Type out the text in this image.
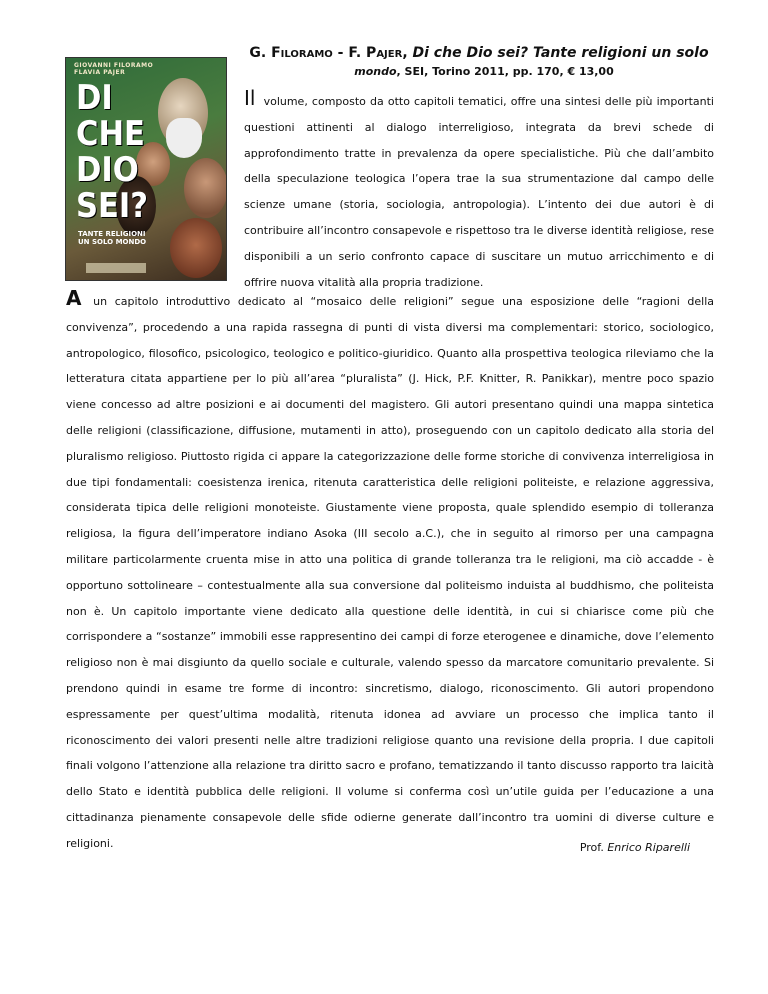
GIOVANNI FILORAMO
FLAVIA PAJER
DI CHE
DIO
SEI?
TANTE RELIGIONI
UN SOLO MONDO
G. Filoramo - F. Pajer, Di che Dio sei? Tante religioni un solo
mondo, SEI, Torino 2011, pp. 170, € 13,00
Il volume, composto da otto capitoli tematici, offre una sintesi delle più importanti questioni attinenti al dialogo interreligioso, integrata da brevi schede di approfondimento tratte in prevalenza da opere specialistiche. Più che dall’ambito della speculazione teologica l’opera trae la sua strumentazione dal campo delle scienze umane (storia, sociologia, antropologia). L’intento dei due autori è di contribuire all’incontro consapevole e rispettoso tra le diverse identità religiose, rese disponibili a un serio confronto capace di suscitare un mutuo arricchimento e di offrire nuova vitalità alla propria tradizione.
A un capitolo introduttivo dedicato al “mosaico delle religioni” segue una esposizione delle “ragioni della convivenza”, procedendo a una rapida rassegna di punti di vista diversi ma complementari: storico, sociologico, antropologico, filosofico, psicologico, teologico e politico-giuridico. Quanto alla prospettiva teologica rileviamo che la letteratura citata appartiene per lo più all’area “pluralista” (J. Hick, P.F. Knitter, R. Panikkar), mentre poco spazio viene concesso ad altre posizioni e ai documenti del magistero. Gli autori presentano quindi una mappa sintetica delle religioni (classificazione, diffusione, mutamenti in atto), proseguendo con un capitolo dedicato alla storia del pluralismo religioso. Piuttosto rigida ci appare la categorizzazione delle forme storiche di convivenza interreligiosa in due tipi fondamentali: coesistenza irenica, ritenuta caratteristica delle religioni politeiste, e relazione aggressiva, considerata tipica delle religioni monoteiste. Giustamente viene proposta, quale splendido esempio di tolleranza religiosa, la figura dell’imperatore indiano Asoka (III secolo a.C.), che in seguito al rimorso per una campagna militare particolarmente cruenta mise in atto una politica di grande tolleranza tra le religioni, ma ciò accadde - è opportuno sottolineare – contestualmente alla sua conversione dal politeismo induista al buddhismo, che politeista non è. Un capitolo importante viene dedicato alla questione delle identità, in cui si chiarisce come più che corrispondere a “sostanze” immobili esse rappresentino dei campi di forze eterogenee e dinamiche, dove l’elemento religioso non è mai disgiunto da quello sociale e culturale, valendo spesso da marcatore comunitario prevalente. Si prendono quindi in esame tre forme di incontro: sincretismo, dialogo, riconoscimento. Gli autori propendono espressamente per quest’ultima modalità, ritenuta idonea ad avviare un processo che implica tanto il riconoscimento dei valori presenti nelle altre tradizioni religiose quanto una revisione della propria. I due capitoli finali volgono l’attenzione alla relazione tra diritto sacro e profano, tematizzando il tanto discusso rapporto tra laicità dello Stato e identità pubblica delle religioni. Il volume si conferma così un’utile guida per l’educazione a una cittadinanza pienamente consapevole delle sfide odierne generate dall’incontro tra uomini di diverse culture e religioni.	Prof. Enrico Riparelli
